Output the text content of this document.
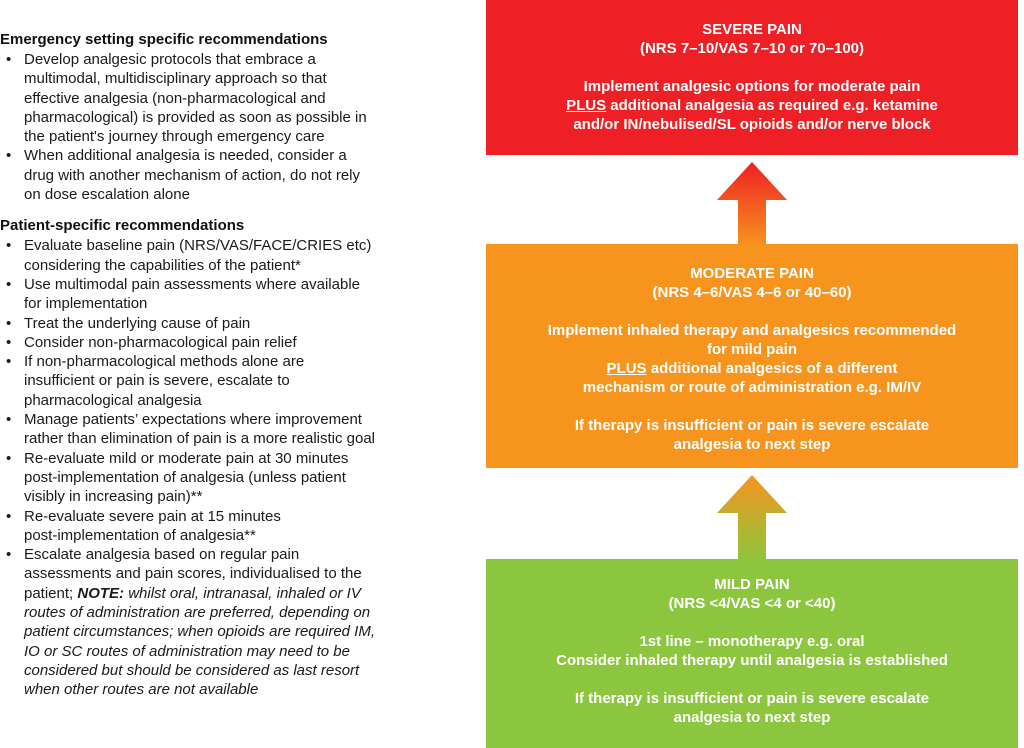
Emergency setting specific recommendations
• Develop analgesic protocols that embrace a
multimodal, multidisciplinary approach so that
effective analgesia (non-pharmacological and
pharmacological) is provided as soon as possible in
the patient's journey through emergency care
• When additional analgesia is needed, consider a
drug with another mechanism of action, do not rely
on dose escalation alone
Patient-specific recommendations
• Evaluate baseline pain (NRS/VAS/FACE/CRIES etc)
considering the capabilities of the patient*
• Use multimodal pain assessments where available
for implementation
• Treat the underlying cause of pain
• Consider non-pharmacological pain relief
• If non-pharmacological methods alone are
insufficient or pain is severe, escalate to
pharmacological analgesia
• Manage patients’ expectations where improvement
rather than elimination of pain is a more realistic goal
• Re-evaluate mild or moderate pain at 30 minutes
post-implementation of analgesia (unless patient
visibly in increasing pain)**
• Re-evaluate severe pain at 15 minutes
post-implementation of analgesia**
• Escalate analgesia based on regular pain
assessments and pain scores, individualised to the
patient; NOTE: whilst oral, intranasal, inhaled or IV
routes of administration are preferred, depending on
patient circumstances; when opioids are required IM,
IO or SC routes of administration may need to be
considered but should be considered as last resort
when other routes are not available
SEVERE PAIN
(NRS 7–10/VAS 7–10 or 70–100)
Implement analgesic options for moderate pain
PLUS additional analgesia as required e.g. ketamine
and/or IN/nebulised/SL opioids and/or nerve block
MODERATE PAIN
(NRS 4–6/VAS 4–6 or 40–60)
Implement inhaled therapy and analgesics recommended
for mild pain
PLUS additional analgesics of a different
mechanism or route of administration e.g. IM/IV
If therapy is insufficient or pain is severe escalate
analgesia to next step
MILD PAIN
(NRS <4/VAS <4 or <40)
1st line – monotherapy e.g. oral
Consider inhaled therapy until analgesia is established
If therapy is insufficient or pain is severe escalate
analgesia to next step
